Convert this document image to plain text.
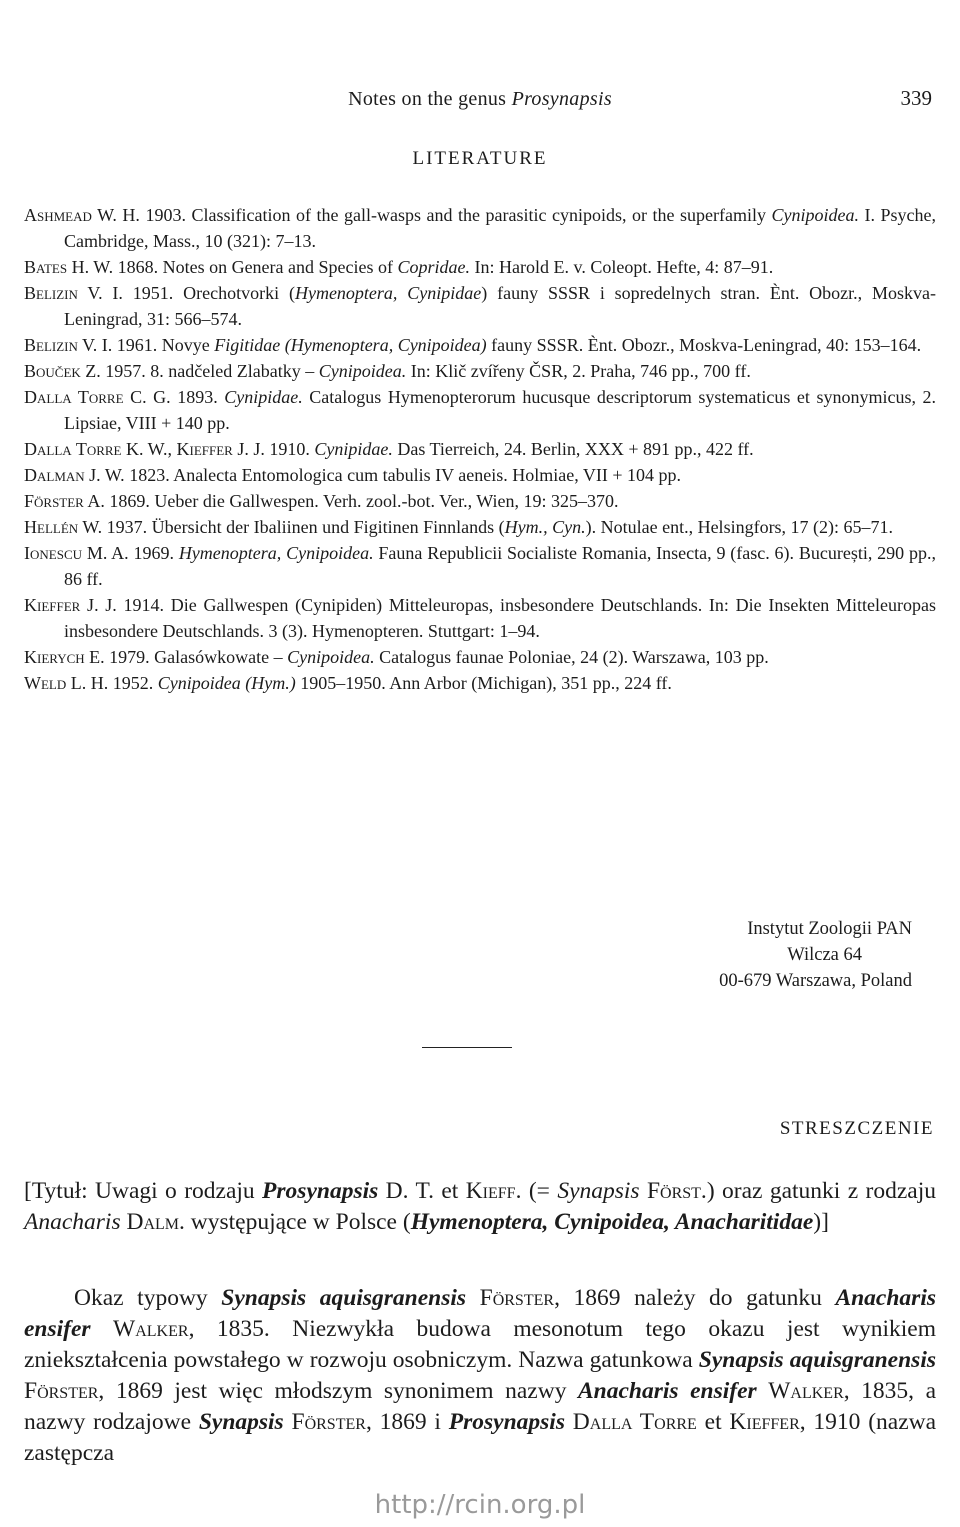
Notes on the genus Prosynapsis	339
LITERATURE

Ashmead W. H. 1903. Classification of the gall-wasps and the parasitic cynipoids, or the superfamily Cynipoidea. I. Psyche, Cambridge, Mass., 10 (321): 7–13.

Bates H. W. 1868. Notes on Genera and Species of Copridae. In: Harold E. v. Coleopt. Hefte, 4: 87–91.

Belizin V. I. 1951. Orechotvorki (Hymenoptera, Cynipidae) fauny SSSR i sopredelnych stran. Ènt. Obozr., Moskva-Leningrad, 31: 566–574.

Belizin V. I. 1961. Novye Figitidae (Hymenoptera, Cynipoidea) fauny SSSR. Ènt. Obozr., Moskva-Leningrad, 40: 153–164.

Bouček Z. 1957. 8. nadčeled Zlabatky – Cynipoidea. In: Klič zvířeny ČSR, 2. Praha, 746 pp., 700 ff.

Dalla Torre C. G. 1893. Cynipidae. Catalogus Hymenopterorum hucusque descriptorum systematicus et synonymicus, 2. Lipsiae, VIII + 140 pp.

Dalla Torre K. W., Kieffer J. J. 1910. Cynipidae. Das Tierreich, 24. Berlin, XXX + 891 pp., 422 ff.

Dalman J. W. 1823. Analecta Entomologica cum tabulis IV aeneis. Holmiae, VII + 104 pp.

Förster A. 1869. Ueber die Gallwespen. Verh. zool.-bot. Ver., Wien, 19: 325–370.

Hellén W. 1937. Übersicht der Ibaliinen und Figitinen Finnlands (Hym., Cyn.). Notulae ent., Helsingfors, 17 (2): 65–71.

Ionescu M. A. 1969. Hymenoptera, Cynipoidea. Fauna Republicii Socialiste Romania, Insecta, 9 (fasc. 6). București, 290 pp., 86 ff.

Kieffer J. J. 1914. Die Gallwespen (Cynipiden) Mitteleuropas, insbesondere Deutschlands. In: Die Insekten Mitteleuropas insbesondere Deutschlands. 3 (3). Hymenopteren. Stuttgart: 1–94.

Kierych E. 1979. Galasówkowate – Cynipoidea. Catalogus faunae Poloniae, 24 (2). Warszawa, 103 pp.

Weld L. H. 1952. Cynipoidea (Hym.) 1905–1950. Ann Arbor (Michigan), 351 pp., 224 ff.

Instytut Zoologii PAN
Wilcza 64
00-679 Warszawa, Poland
STRESZCZENIE
[Tytuł: Uwagi o rodzaju Prosynapsis D. T. et Kieff. (= Synapsis Först.) oraz gatunki z rodzaju Anacharis Dalm. występujące w Polsce (Hymenoptera, Cynipoidea, Anacharitidae)]

Okaz typowy Synapsis aquisgranensis Förster, 1869 należy do gatunku Anacharis ensifer Walker, 1835. Niezwykła budowa mesonotum tego okazu jest wynikiem zniekształcenia powstałego w rozwoju osobniczym. Nazwa gatunkowa Synapsis aquisgranensis Förster, 1869 jest więc młodszym synonimem nazwy Anacharis ensifer Walker, 1835, a nazwy rodzajowe Synapsis Förster, 1869 i Prosynapsis Dalla Torre et Kieffer, 1910 (nazwa zastępcza

http://rcin.org.pl
